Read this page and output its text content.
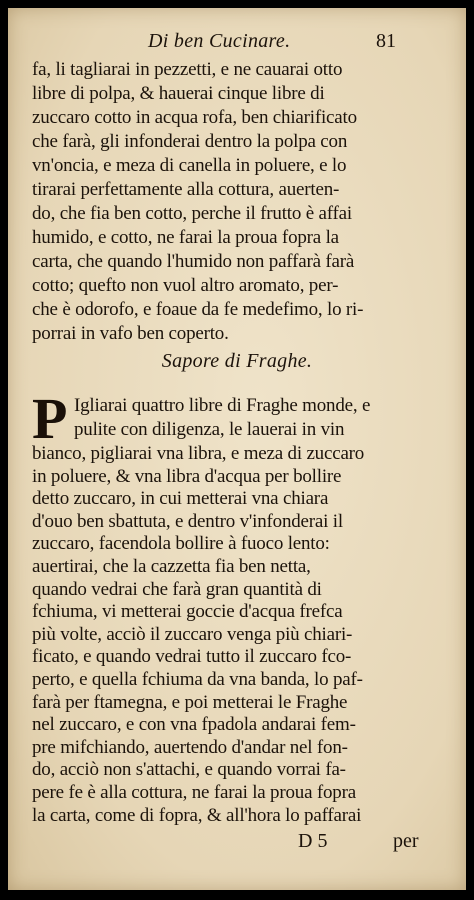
Di ben Cucinare.	81
fa, li tagliarai in pezzetti, e ne cauarai otto
libre di polpa, & hauerai cinque libre di
zuccaro cotto in acqua rofa, ben chiarificato
che farà, gli infonderai dentro la polpa con
vn'oncia, e meza di canella in poluere, e lo
tirarai perfettamente alla cottura, auerten-
do, che fia ben cotto, perche il frutto è affai
humido, e cotto, ne farai la proua fopra la
carta, che quando l'humido non paffarà farà
cotto; quefto non vuol altro aromato, per-
che è odorofo, e foaue da fe medefimo, lo ri-
porrai in vafo ben coperto.
Sapore di Fraghe.
P Igliarai quattro libre di Fraghe monde, e
pulite con diligenza, le lauerai in vin
bianco, pigliarai vna libra, e meza di zuccaro
in poluere, & vna libra d'acqua per bollire
detto zuccaro, in cui metterai vna chiara
d'ouo ben sbattuta, e dentro v'infonderai il
zuccaro, facendola bollire à fuoco lento:
auertirai, che la cazzetta fia ben netta,
quando vedrai che farà gran quantità di
fchiuma, vi metterai goccie d'acqua frefca
più volte, acciò il zuccaro venga più chiari-
ficato, e quando vedrai tutto il zuccaro fco-
perto, e quella fchiuma da vna banda, lo paf-
farà per ftamegna, e poi metterai le Fraghe
nel zuccaro, e con vna fpadola andarai fem-
pre mifchiando, auertendo d'andar nel fon-
do, acciò non s'attachi, e quando vorrai fa-
pere fe è alla cottura, ne farai la proua fopra
la carta, come di fopra, & all'hora lo paffarai
D 5	per
